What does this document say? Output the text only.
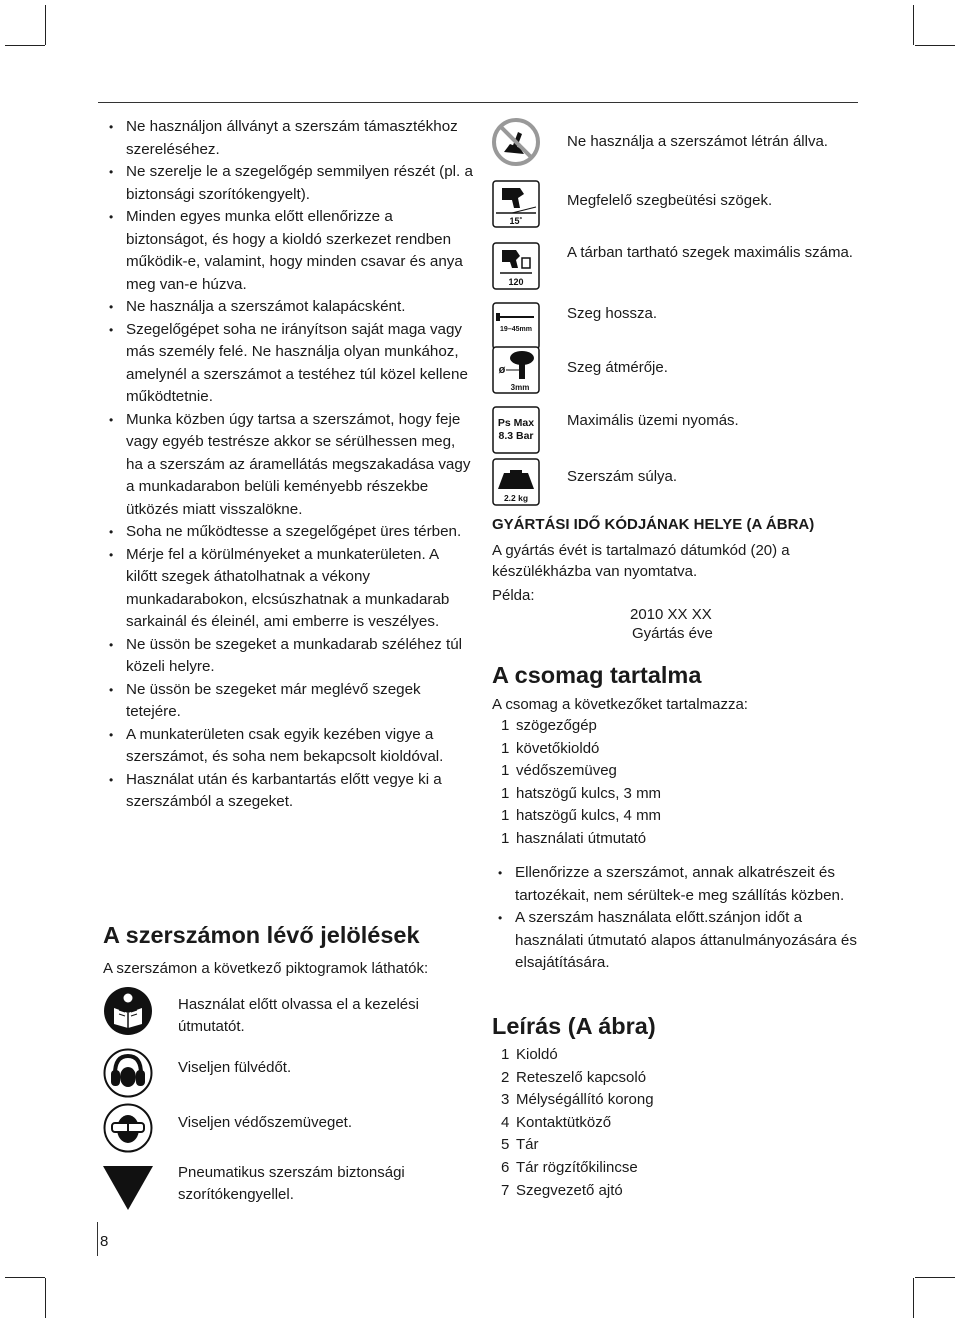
8
• Ne használjon állványt a szerszám támasztékhoz szereléséhez.
• Ne szerelje le a szegelőgép semmilyen részét (pl. a biztonsági szorítókengyelt).
• Minden egyes munka előtt ellenőrizze a biztonságot, és hogy a kioldó szerkezet rendben működik-e, valamint, hogy minden csavar és anya meg van-e húzva.
• Ne használja a szerszámot kalapácsként.
• Szegelőgépet soha ne irányítson saját maga vagy más személy felé. Ne használja olyan munkához, amelynél a szerszámot a testéhez túl közel kellene működtetnie.
• Munka közben úgy tartsa a szerszámot, hogy feje vagy egyéb testrésze akkor se sérülhessen meg, ha a szerszám az áramellátás megszakadása vagy a munkadarabon belüli keményebb részekbe ütközés miatt visszalökne.
• Soha ne működtesse a szegelőgépet üres térben.
• Mérje fel a körülményeket a munkaterületen. A kilőtt szegek áthatolhatnak a vékony munkadarabokon, elcsúszhatnak a munkadarab sarkainál és éleinél, ami emberre is veszélyes.
• Ne üssön be szegeket a munkadarab széléhez túl közeli helyre.
• Ne üssön be szegeket már meglévő szegek tetejére.
• A munkaterületen csak egyik kezében vigye a szerszámot, és soha nem bekapcsolt kioldóval.
• Használat után és karbantartás előtt vegye ki a szerszámból a szegeket.
A szerszámon lévő jelölések

A szerszámon a következő piktogramok láthatók:

Használat előtt olvassa el a kezelési útmutatót.
Viseljen fülvédőt.
Viseljen védőszemüveget.
Pneumatikus szerszám biztonsági szorítókengyellel.
Ne használja a szerszámot létrán állva.
15˚
Megfelelő szegbeütési szögek.
120
A tárban tartható szegek maximális száma.
19–45mm
Szeg hossza.
ø
3mm
Szeg átmérője.
Ps Max
8.3 Bar
Maximális üzemi nyomás.
2.2 kg
Szerszám súlya.
GYÁRTÁSI IDŐ KÓDJÁNAK HELYE (A ÁBRA)

A gyártás évét is tartalmazó dátumkód (20) a készülékházba van nyomtatva.

Példa:
2010 XX XX
Gyártás éve
A csomag tartalma

A csomag a következőket tartalmazza:

1 szögezőgép
1 követőkioldó
1 védőszemüveg
1 hatszögű kulcs, 3 mm
1 hatszögű kulcs, 4 mm
1 használati útmutató
• Ellenőrizze a szerszámot, annak alkatrészeit és tartozékait, nem sérültek-e meg szállítás közben.
• A szerszám használata előtt.szánjon időt a használati útmutató alapos áttanulmányozására és elsajátítására.
Leírás (A ábra)
1 Kioldó
2 Reteszelő kapcsoló
3 Mélységállító korong
4 Kontaktütköző
5 Tár
6 Tár rögzítőkilincse
7 Szegvezető ajtó
